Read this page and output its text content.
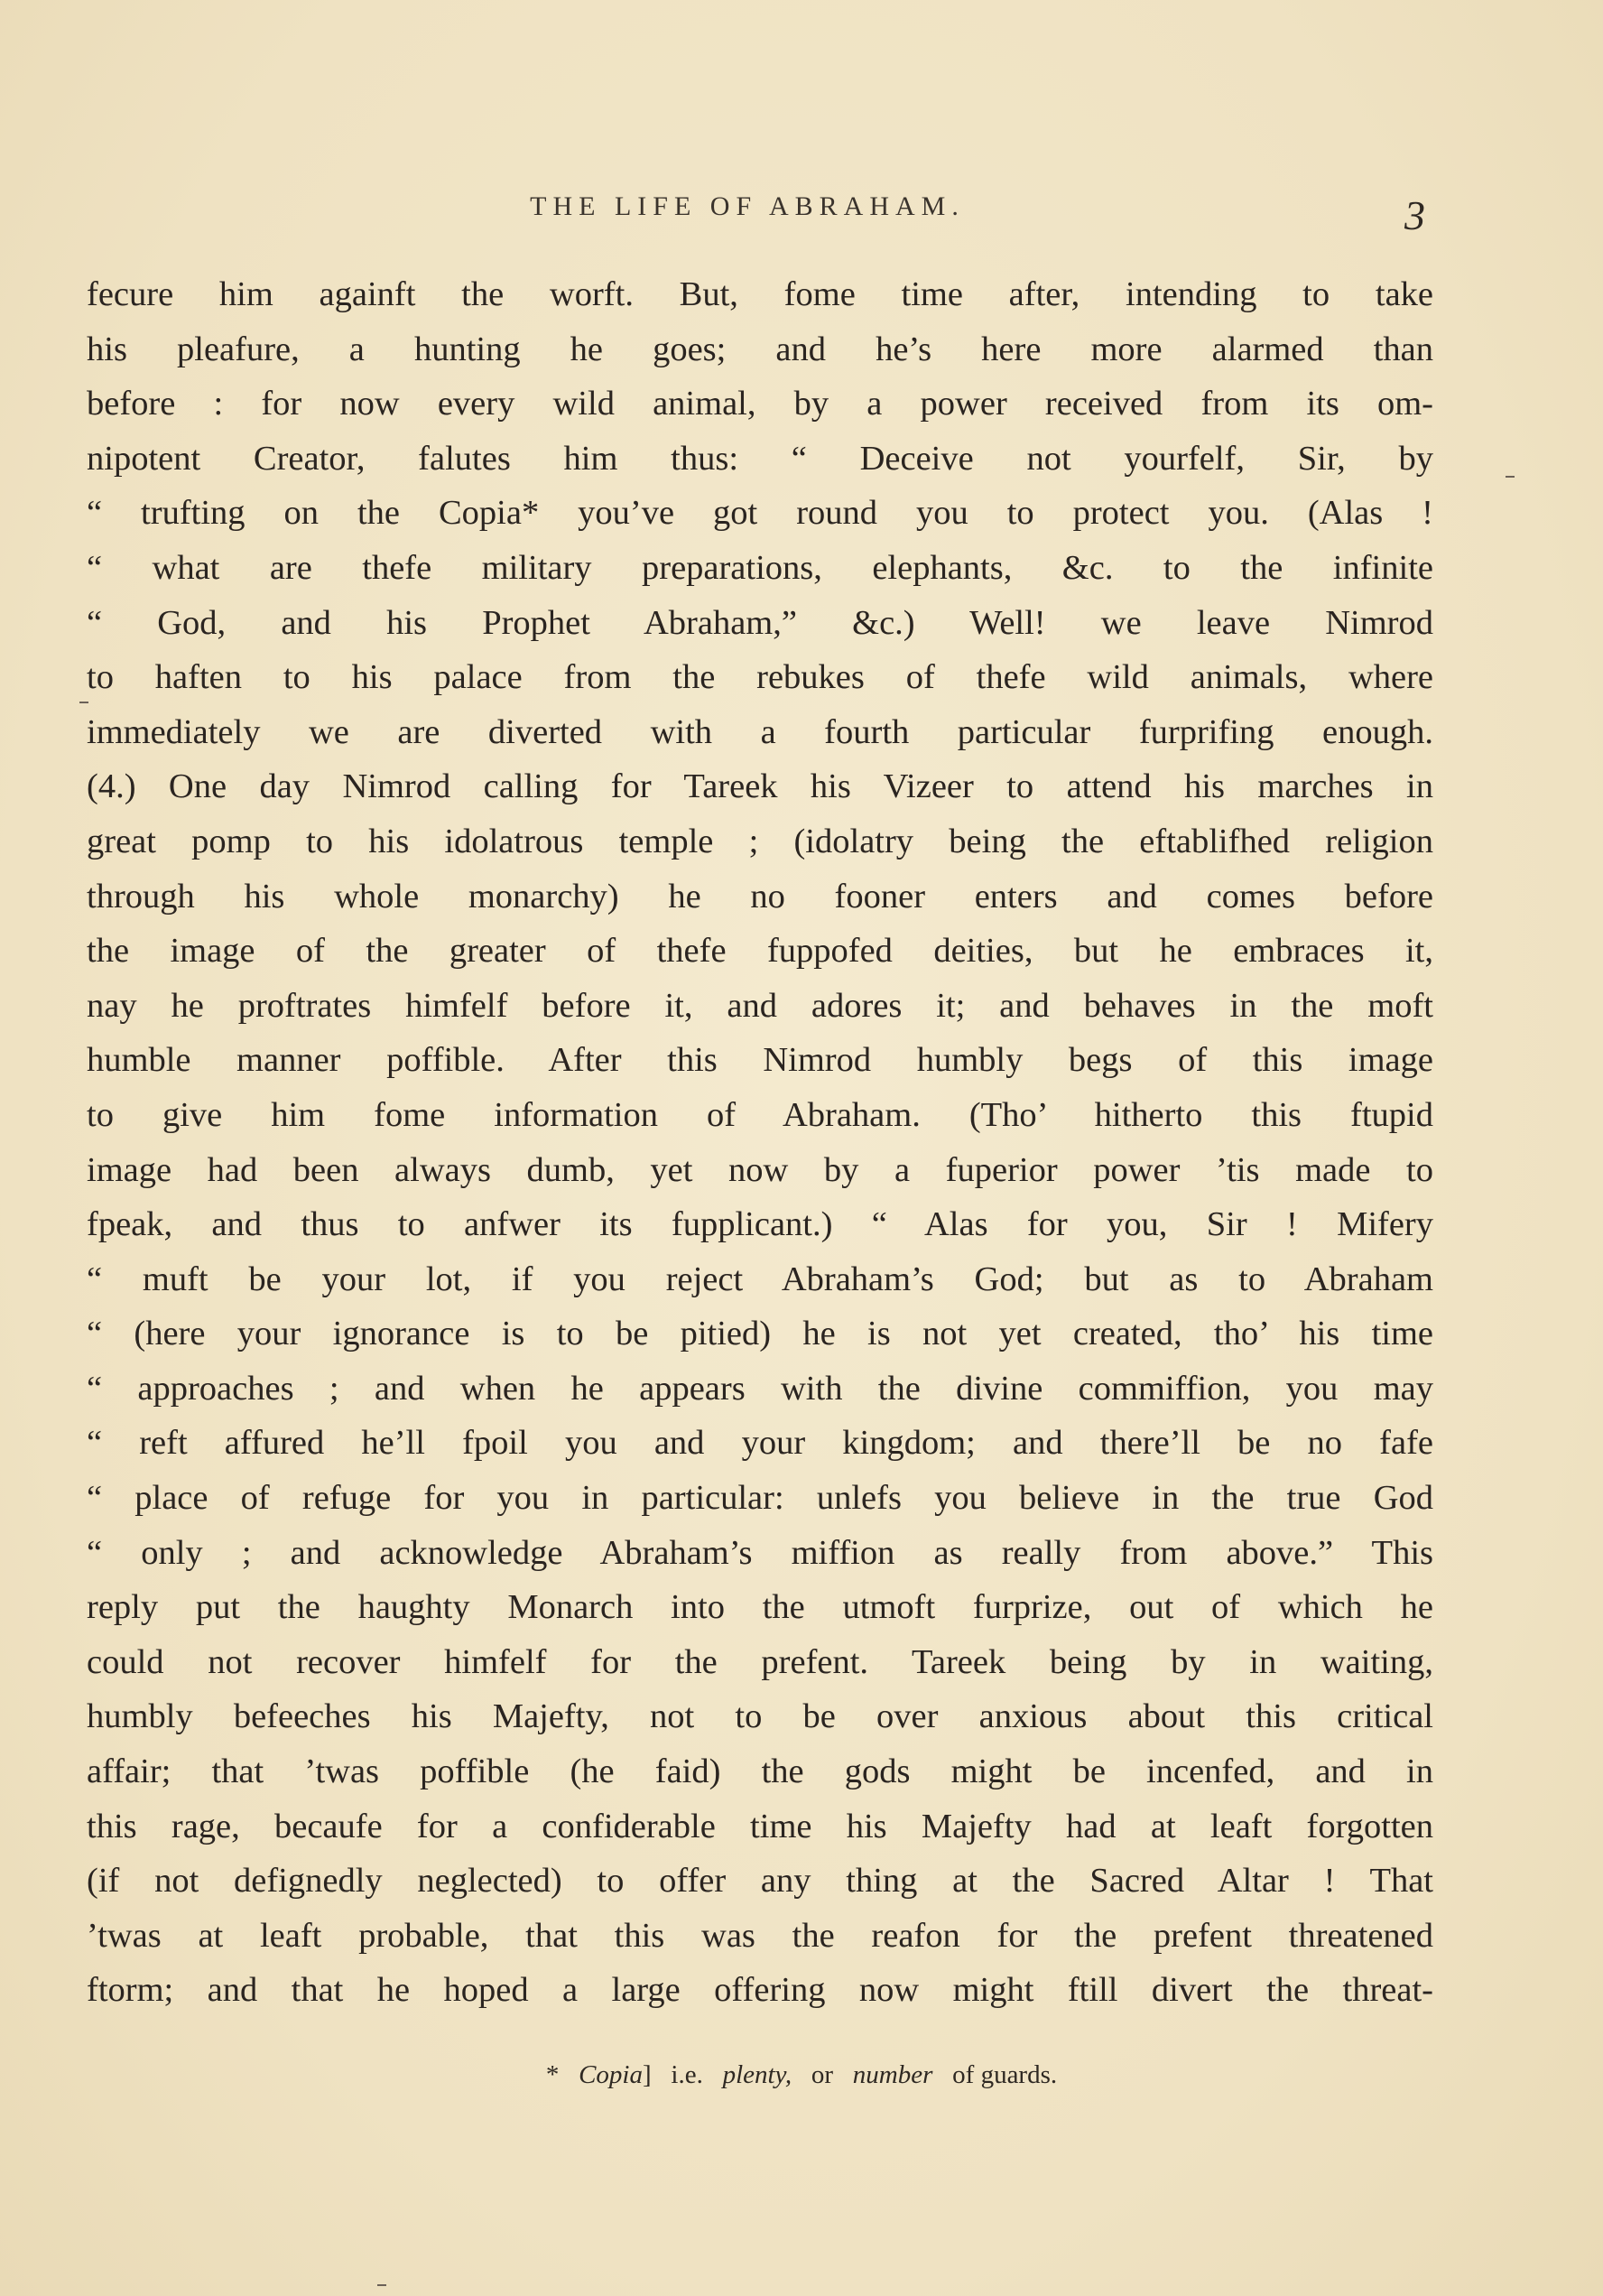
THE LIFE OF ABRAHAM.	3
fecure him againft the worft. But, fome time after, intending to take
his pleafure, a hunting he goes; and he’s here more alarmed than
before : for now every wild animal, by a power received from its om-
nipotent Creator, falutes him thus: “ Deceive not yourfelf, Sir, by
“ trufting on the Copia* you’ve got round you to protect you. (Alas !
“ what are thefe military preparations, elephants, &c. to the infinite
“ God, and his Prophet Abraham,” &c.) Well! we leave Nimrod
to haften to his palace from the rebukes of thefe wild animals, where
immediately we are diverted with a fourth particular furprifing enough.
(4.) One day Nimrod calling for Tareek his Vizeer to attend his marches in
great pomp to his idolatrous temple ; (idolatry being the eftablifhed religion
through his whole monarchy) he no fooner enters and comes before
the image of the greater of thefe fuppofed deities, but he embraces it,
nay he proftrates himfelf before it, and adores it; and behaves in the moft
humble manner poffible. After this Nimrod humbly begs of this image
to give him fome information of Abraham. (Tho’ hitherto this ftupid
image had been always dumb, yet now by a fuperior power ’tis made to
fpeak, and thus to anfwer its fupplicant.) “ Alas for you, Sir ! Mifery
“ muft be your lot, if you reject Abraham’s God; but as to Abraham
“ (here your ignorance is to be pitied) he is not yet created, tho’ his time
“ approaches ; and when he appears with the divine commiffion, you may
“ reft affured he’ll fpoil you and your kingdom; and there’ll be no fafe
“ place of refuge for you in particular: unlefs you believe in the true God
“ only ; and acknowledge Abraham’s miffion as really from above.” This
reply put the haughty Monarch into the utmoft furprize, out of which he
could not recover himfelf for the prefent. Tareek being by in waiting,
humbly befeeches his Majefty, not to be over anxious about this critical
affair; that ’twas poffible (he faid) the gods might be incenfed, and in
this rage, becaufe for a confiderable time his Majefty had at leaft forgotten
(if not defignedly neglected) to offer any thing at the Sacred Altar ! That
’twas at leaft probable, that this was the reafon for the prefent threatened
ftorm; and that he hoped a large offering now might ftill divert the threat-
* Copia] i.e. plenty, or number of guards.
